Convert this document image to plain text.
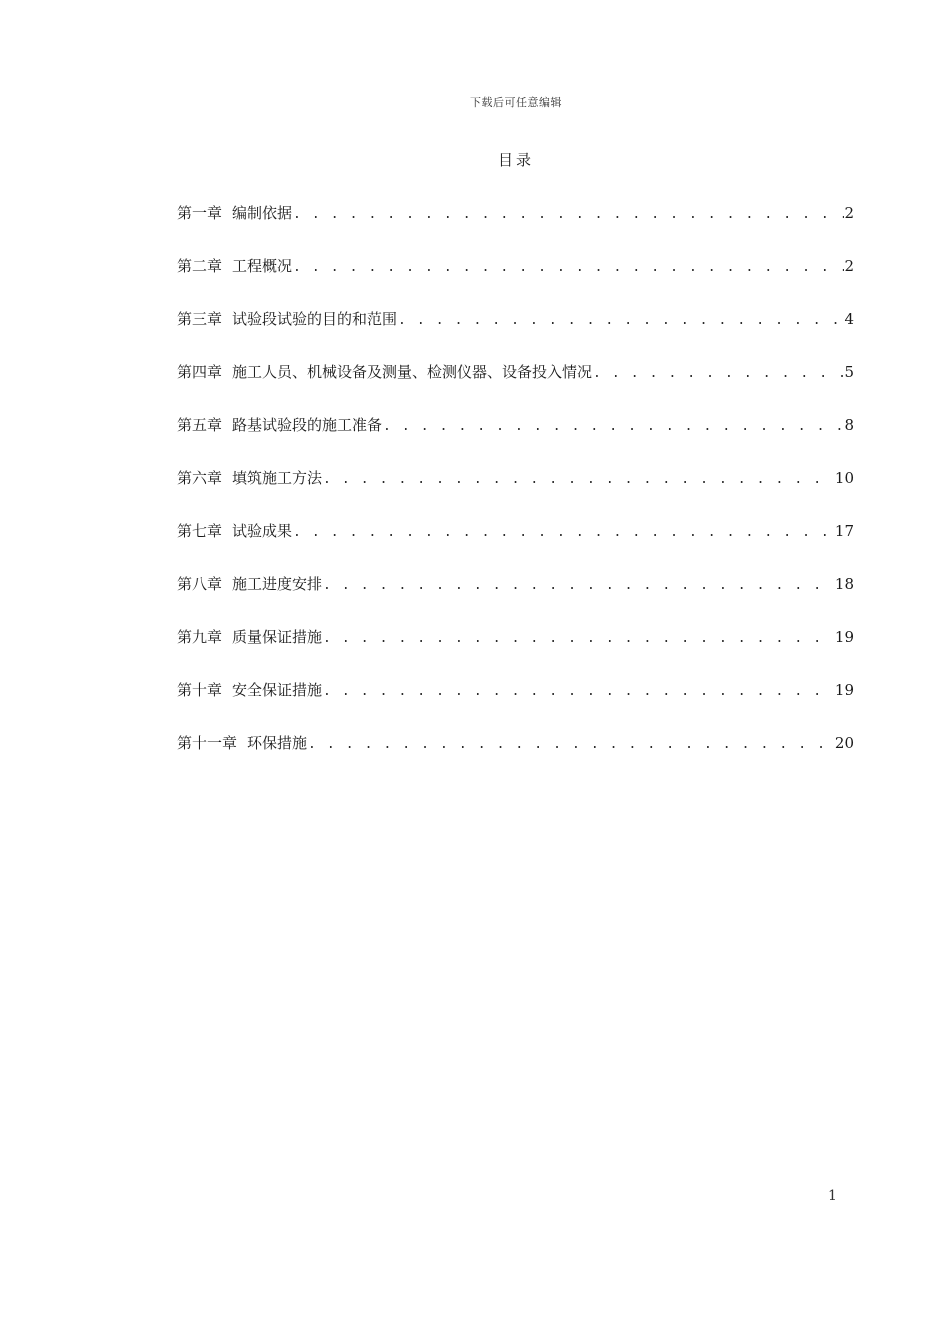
下载后可任意编辑
目录
第一章 编制依据 . . .	2
第二章 工程概况 . . .	2
第三章 试验段试验的目的和范围 . . .	4
第四章 施工人员、机械设备及测量、检测仪器、设备投入情况 . . .	5
第五章 路基试验段的施工准备 . . .	8
第六章 填筑施工方法 . . .	10
第七章 试验成果 . . .	17
第八章 施工进度安排 . . .	18
第九章 质量保证措施 . . .	19
第十章 安全保证措施 . . .	19
第十一章 环保措施 . . .	20
1
